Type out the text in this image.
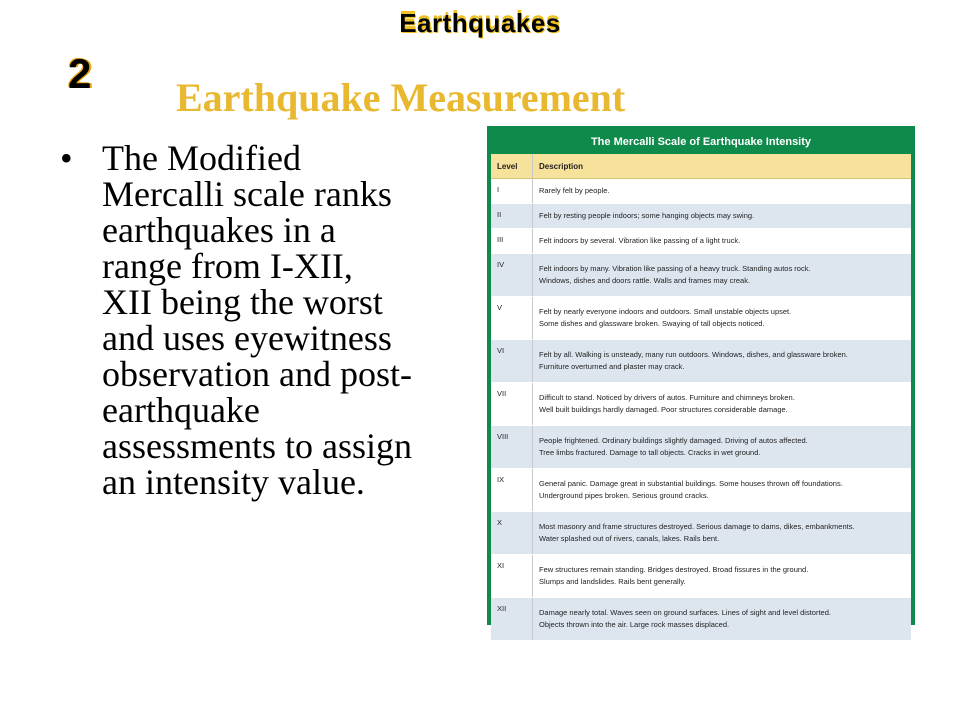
Earthquakes
2
Earthquake Measurement
• The Modified
Mercalli scale ranks
earthquakes in a
range from I-XII,
XII being the worst
and uses eyewitness
observation and post-
earthquake
assessments to assign
an intensity value.
The Mercalli Scale of Earthquake Intensity
Level	Description
I	Rarely felt by people.
II	Felt by resting people indoors; some hanging objects may swing.
III	Felt indoors by several. Vibration like passing of a light truck.
IV	Felt indoors by many. Vibration like passing of a heavy truck. Standing autos rock.
Windows, dishes and doors rattle. Walls and frames may creak.
V	Felt by nearly everyone indoors and outdoors. Small unstable objects upset.
Some dishes and glassware broken. Swaying of tall objects noticed.
VI	Felt by all. Walking is unsteady, many run outdoors. Windows, dishes, and glassware broken.
Furniture overturned and plaster may crack.
VII	Difficult to stand. Noticed by drivers of autos. Furniture and chimneys broken.
Well built buildings hardly damaged. Poor structures considerable damage.
VIII	People frightened. Ordinary buildings slightly damaged. Driving of autos affected.
Tree limbs fractured. Damage to tall objects. Cracks in wet ground.
IX	General panic. Damage great in substantial buildings. Some houses thrown off foundations.
Underground pipes broken. Serious ground cracks.
X	Most masonry and frame structures destroyed. Serious damage to dams, dikes, embankments.
Water splashed out of rivers, canals, lakes. Rails bent.
XI	Few structures remain standing. Bridges destroyed. Broad fissures in the ground.
Slumps and landslides. Rails bent generally.
XII	Damage nearly total. Waves seen on ground surfaces. Lines of sight and level distorted.
Objects thrown into the air. Large rock masses displaced.
